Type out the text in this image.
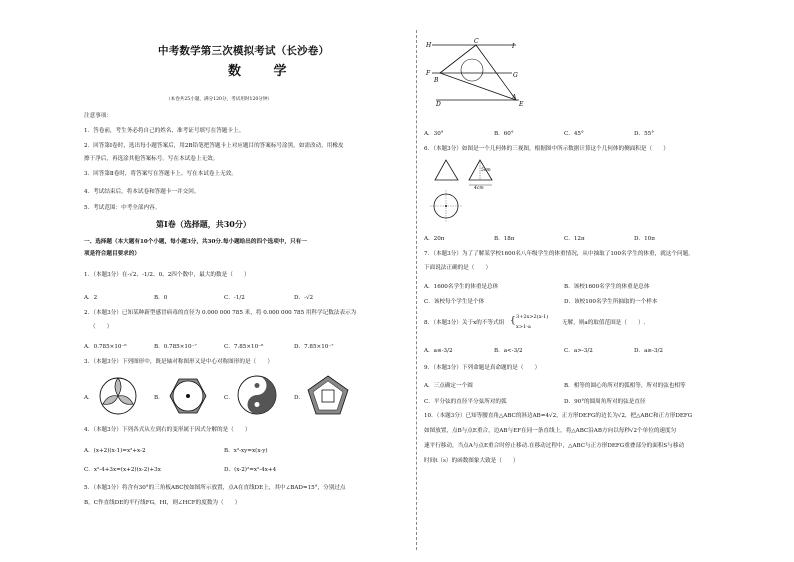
中考数学第三次模拟考试（长沙卷）
数 学
（本卷共25小题，满分120分，考试用时120分钟）
注意事项：
1．答卷前，考生务必将自己的姓名、准考证号填写在答题卡上。
2．回答第Ⅰ卷时，选出每小题答案后，用2B铅笔把答题卡上对应题目的答案标号涂黑。如需改动，用橡皮
擦干净后，再选涂其他答案标号。写在本试卷上无效。
3．回答第Ⅱ卷时，将答案写在答题卡上。写在本试卷上无效。
4．考试结束后，将本试卷和答题卡一并交回。
5．考试范围：中考全部内容。
第Ⅰ卷（选择题，共30分）
一、选择题（本大题有10个小题，每小题3分，共30分.每小题给出的四个选项中，只有一
项是符合题目要求的）
1．（本题3分）在-√2、-1/2、0、2四个数中，最大的数是（　　）
A．2	B．0	C．-1/2	D．-√2
2．（本题3分）已知某种新型感冒病毒的直径为 0.000 000 785 米，将 0.000 000 785 用科学记数法表示为
（　　）
A．0.785×10⁻⁶	B．0.785×10⁻⁷	C．7.85×10⁻⁶	D．7.85×10⁻⁷
3．（本题3分）下列图形中，既是轴对称图形又是中心对称图形的是（　　）
A．	B．	C．	D．
4．（本题3分）下列各式从左到右的变形属于因式分解的是（　　）
A．(x+2)(x-1)=x²+x-2	B．x²-xy=x(x-y)
C．x²-4+3x=(x+2)(x-2)+3x	D．(x-2)²=x²-4x+4
5．（本题3分）将含有30°的三角板ABC按如图所示放置，点A在直线DE上，其中∠BAD=15°，分别过点
B，C作直线DE的平行线FG，HI，则∠HCF的度数为（　　）
H
C
I
F
B
G
D
A
E
A．30°	B．60°	C．45°	D．55°
6．（本题3分）如图是一个几何体的三视图，根据图中所示数据计算这个几何体的侧面积是（　　）
5cm
4cm
A．20π	B．18π	C．12π	D．10π
7．（本题3分）为了了解某学校1600名八年级学生的体重情况，从中抽取了100名学生的体重，就这个问题，
下面说法正确的是（　　）
A．1600名学生的体重是总体	B．该校1600名学生的体重是总体
C．该校每个学生是个体	D．该校100名学生所抽取的一个样本
8．（本题3分）关于x的不等式组 { 3+2x>2(x-1)
x>1-a
无解，则a的取值范围是（　　）.
A．a≤-3/2	B．a<-3/2	C．a>-3/2	D．a≥-3/2
9．（本题3分）下列命题是真命题的是（　　）
A．三点确定一个圆	B．相等的圆心角所对的弧相等，所对的弦也相等
C．平分弦的直径平分弦所对的弧	D．90°的圆周角所对的弦是直径
10．（本题3分）已知等腰直角△ABC的斜边AB=4√2，正方形DEFG的边长为√2，把△ABC和正方形DEFG
如图放置，点B与点E重合，边AB与EF在同一条直线上，将△ABC沿AB方向以每秒√2个单位的速度匀
速平行移动，当点A与点E重合时停止移动.在移动过程中，△ABC与正方形DEFG重叠部分的面积S与移动
时间t（s）的函数图象大致是（　　）
